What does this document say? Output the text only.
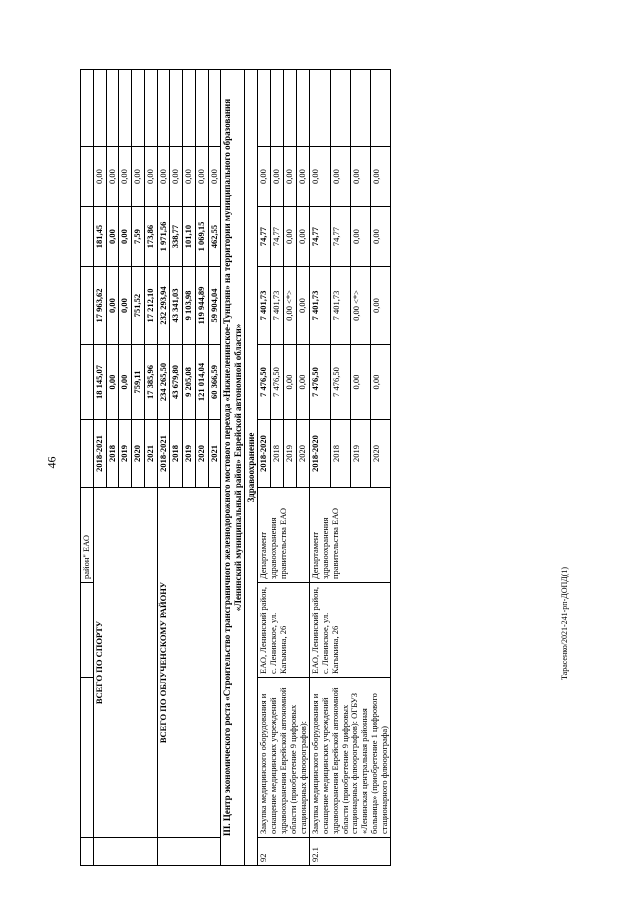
46
Тарасенко/2021-241-рп-ДОПД(1)
			район" ЕАО						
	ВСЕГО ПО СПОРТУ			2018-2021	18 145,07	17 963,62	181,45	0,00	
				2018	0,00	0,00	0,00	0,00	
				2019	0,00	0,00	0,00	0,00	
				2020	759,11	751,52	7,59	0,00	
				2021	17 385,96	17 212,10	173,86	0,00	
	ВСЕГО ПО ОБЛУЧЕНСКОМУ РАЙОНУ			2018-2021	234 265,50	232 293,94	1 971,56	0,00	
				2018	43 679,80	43 341,03	338,77	0,00	
				2019	9 205,08	9 103,98	101,10	0,00	
				2020	121 014,04	119 944,89	1 069,15	0,00	
				2021	60 366,59	59 904,04	462,55	0,00	
III. Центр экономического роста «Строительство трансграничного железнодорожного мостового перехода «Нижнеленинское-Тунцзян» на территории муниципального образования «Ленинский муниципальный район» Еврейской автономной области»									
Здравоохранение									
92	Закупка медицинского оборудования и оснащение медицинских учреждений здравоохранения Еврейской автономной области (приобретение 9 цифровых стационарных флюорографов):	ЕАО, Ленинский район, с. Ленинское, ул. Кагыкина, 26	Департамент здравоохранения правительства ЕАО	2018-2020	7 476,50	7 401,73	74,77	0,00	
				2018	7 476,50	7 401,73	74,77	0,00	
				2019	0,00	0,00 <*>	0,00	0,00	
				2020	0,00	0,00	0,00	0,00	
92.1	Закупка медицинского оборудования и оснащение медицинских учреждений здравоохранения Еврейской автономной области (приобретение 9 цифровых стационарных флюорографов): ОГБУЗ «Ленинская центральная районная больница» (приобретение 1 цифрового стационарного флюорографа)	ЕАО, Ленинский район, с. Ленинское, ул. Кагыкина, 26	Департамент здравоохранения правительства ЕАО	2018-2020	7 476,50	7 401,73	74,77	0,00	
				2018	7 476,50	7 401,73	74,77	0,00	
				2019	0,00	0,00 <*>	0,00	0,00	
				2020	0,00	0,00	0,00	0,00	
